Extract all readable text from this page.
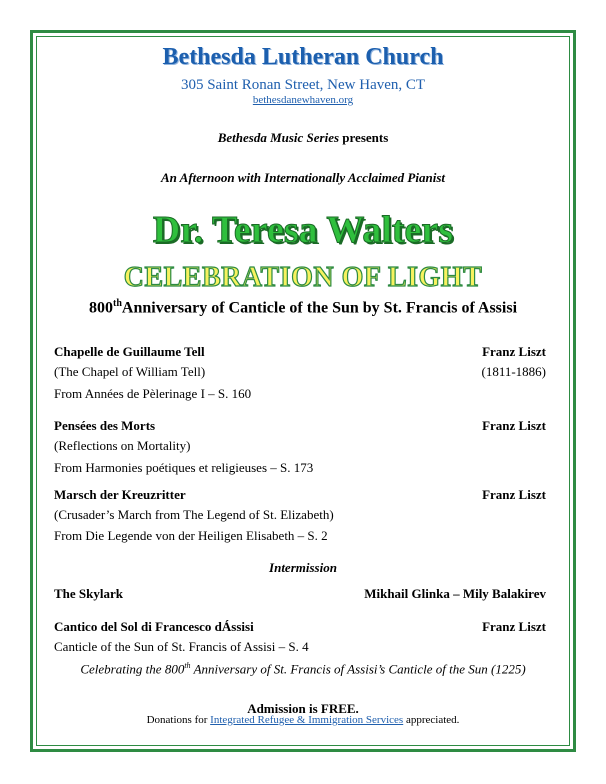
Bethesda Lutheran Church
305 Saint Ronan Street, New Haven, CT
bethesdanewhaven.org
Bethesda Music Series presents
An Afternoon with Internationally Acclaimed Pianist
Dr. Teresa Walters
CELEBRATION OF LIGHT
800thAnniversary of Canticle of the Sun by St. Francis of Assisi
Chapelle de Guillaume Tell	Franz Liszt
(The Chapel of William Tell)	(1811-1886)
From Années de Pèlerinage I – S. 160
Pensées des Morts	Franz Liszt
(Reflections on Mortality)
From Harmonies poétiques et religieuses – S. 173
Marsch der Kreuzritter	Franz Liszt
(Crusader’s March from The Legend of St. Elizabeth)
From Die Legende von der Heiligen Elisabeth – S. 2
Intermission
The Skylark	Mikhail Glinka – Mily Balakirev
Cantico del Sol di Francesco dÁssisi	Franz Liszt
Canticle of the Sun of St. Francis of Assisi – S. 4
Celebrating the 800th Anniversary of St. Francis of Assisi’s Canticle of the Sun (1225)
Admission is FREE.
Donations for Integrated Refugee & Immigration Services appreciated.
